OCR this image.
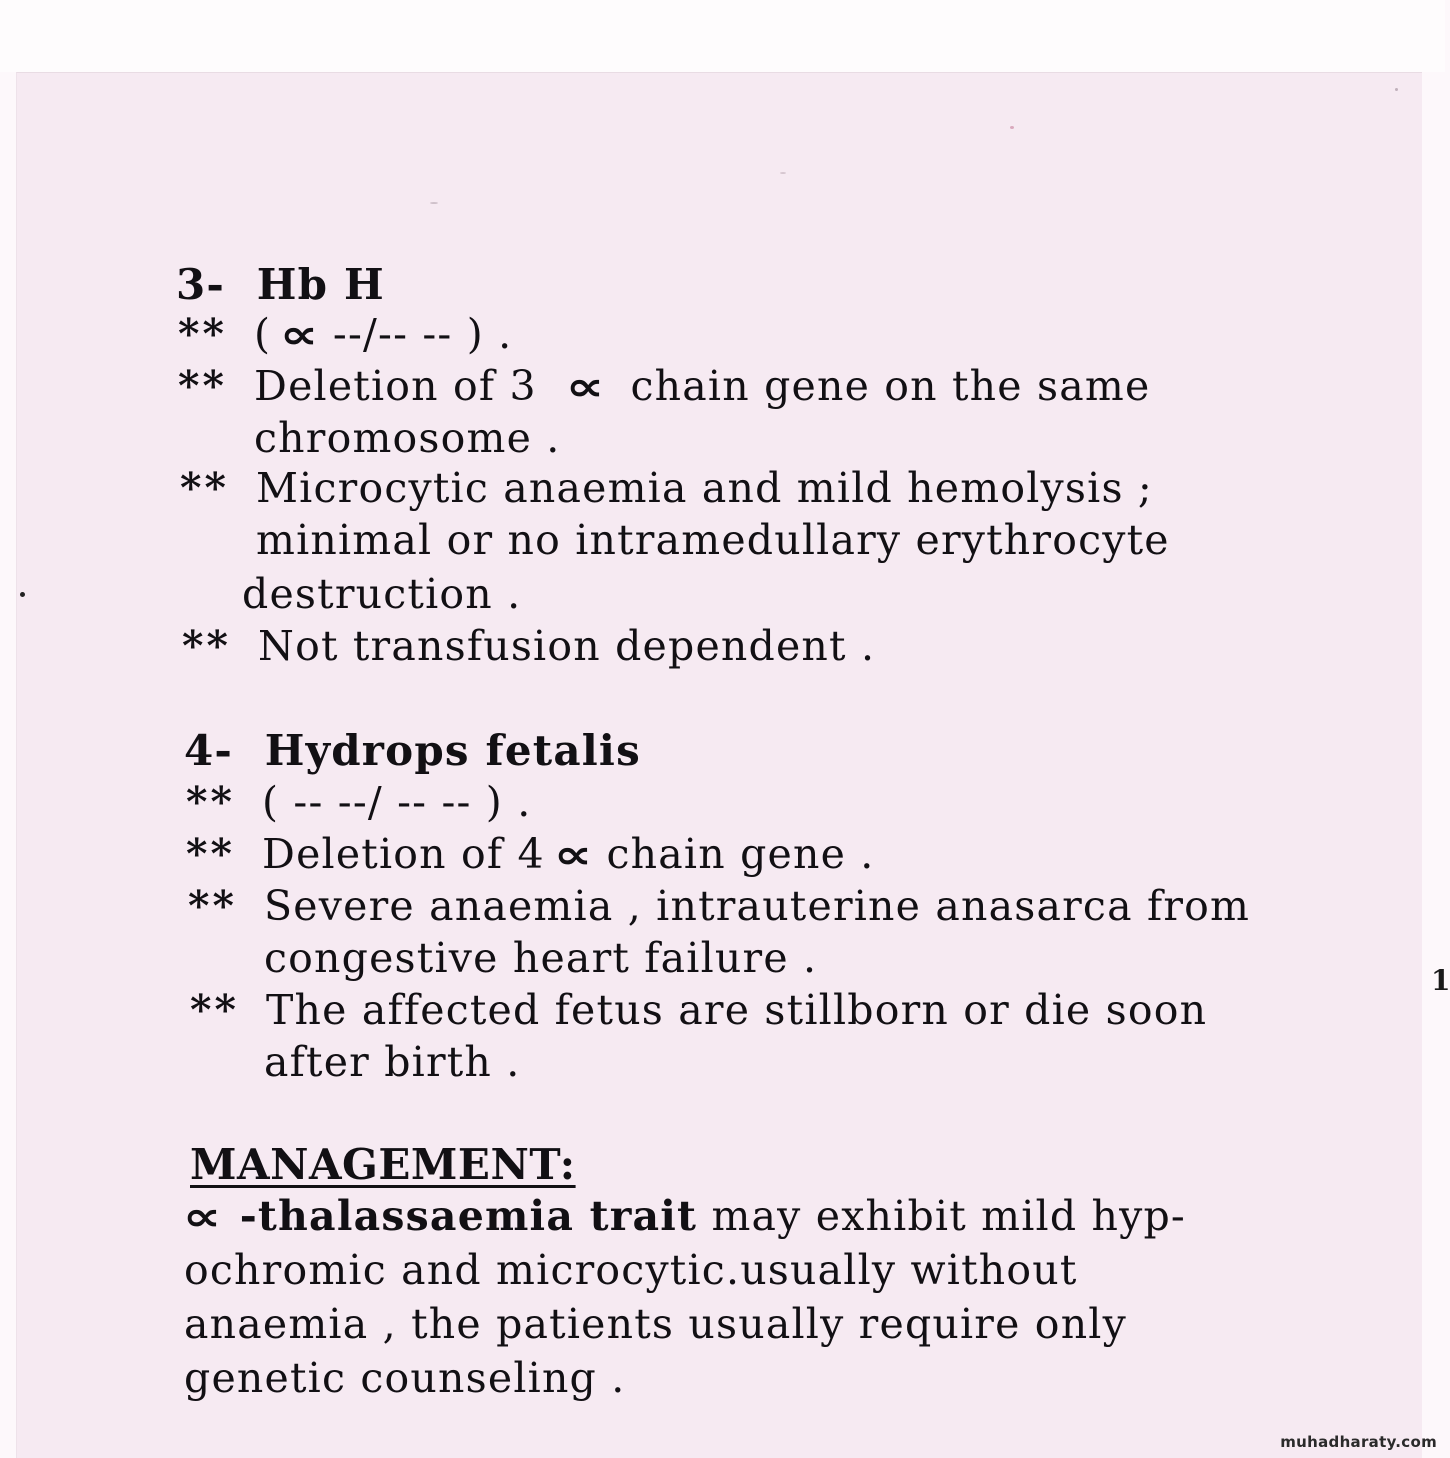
1
3- Hb H
** ( ∝ --/-- -- ) .
** Deletion of 3 ∝ chain gene on the same
chromosome .
** Microcytic anaemia and mild hemolysis ;
minimal or no intramedullary erythrocyte
destruction .
** Not transfusion dependent .
4- Hydrops fetalis
** ( -- --/ -- -- ) .
** Deletion of 4 ∝ chain gene .
** Severe anaemia , intrauterine anasarca from
congestive heart failure .
** The affected fetus are stillborn or die soon
after birth .
MANAGEMENT:
∝ -thalassaemia trait may exhibit mild hyp-
ochromic and microcytic.usually without
anaemia , the patients usually require only
genetic counseling .
muhadharaty.com
